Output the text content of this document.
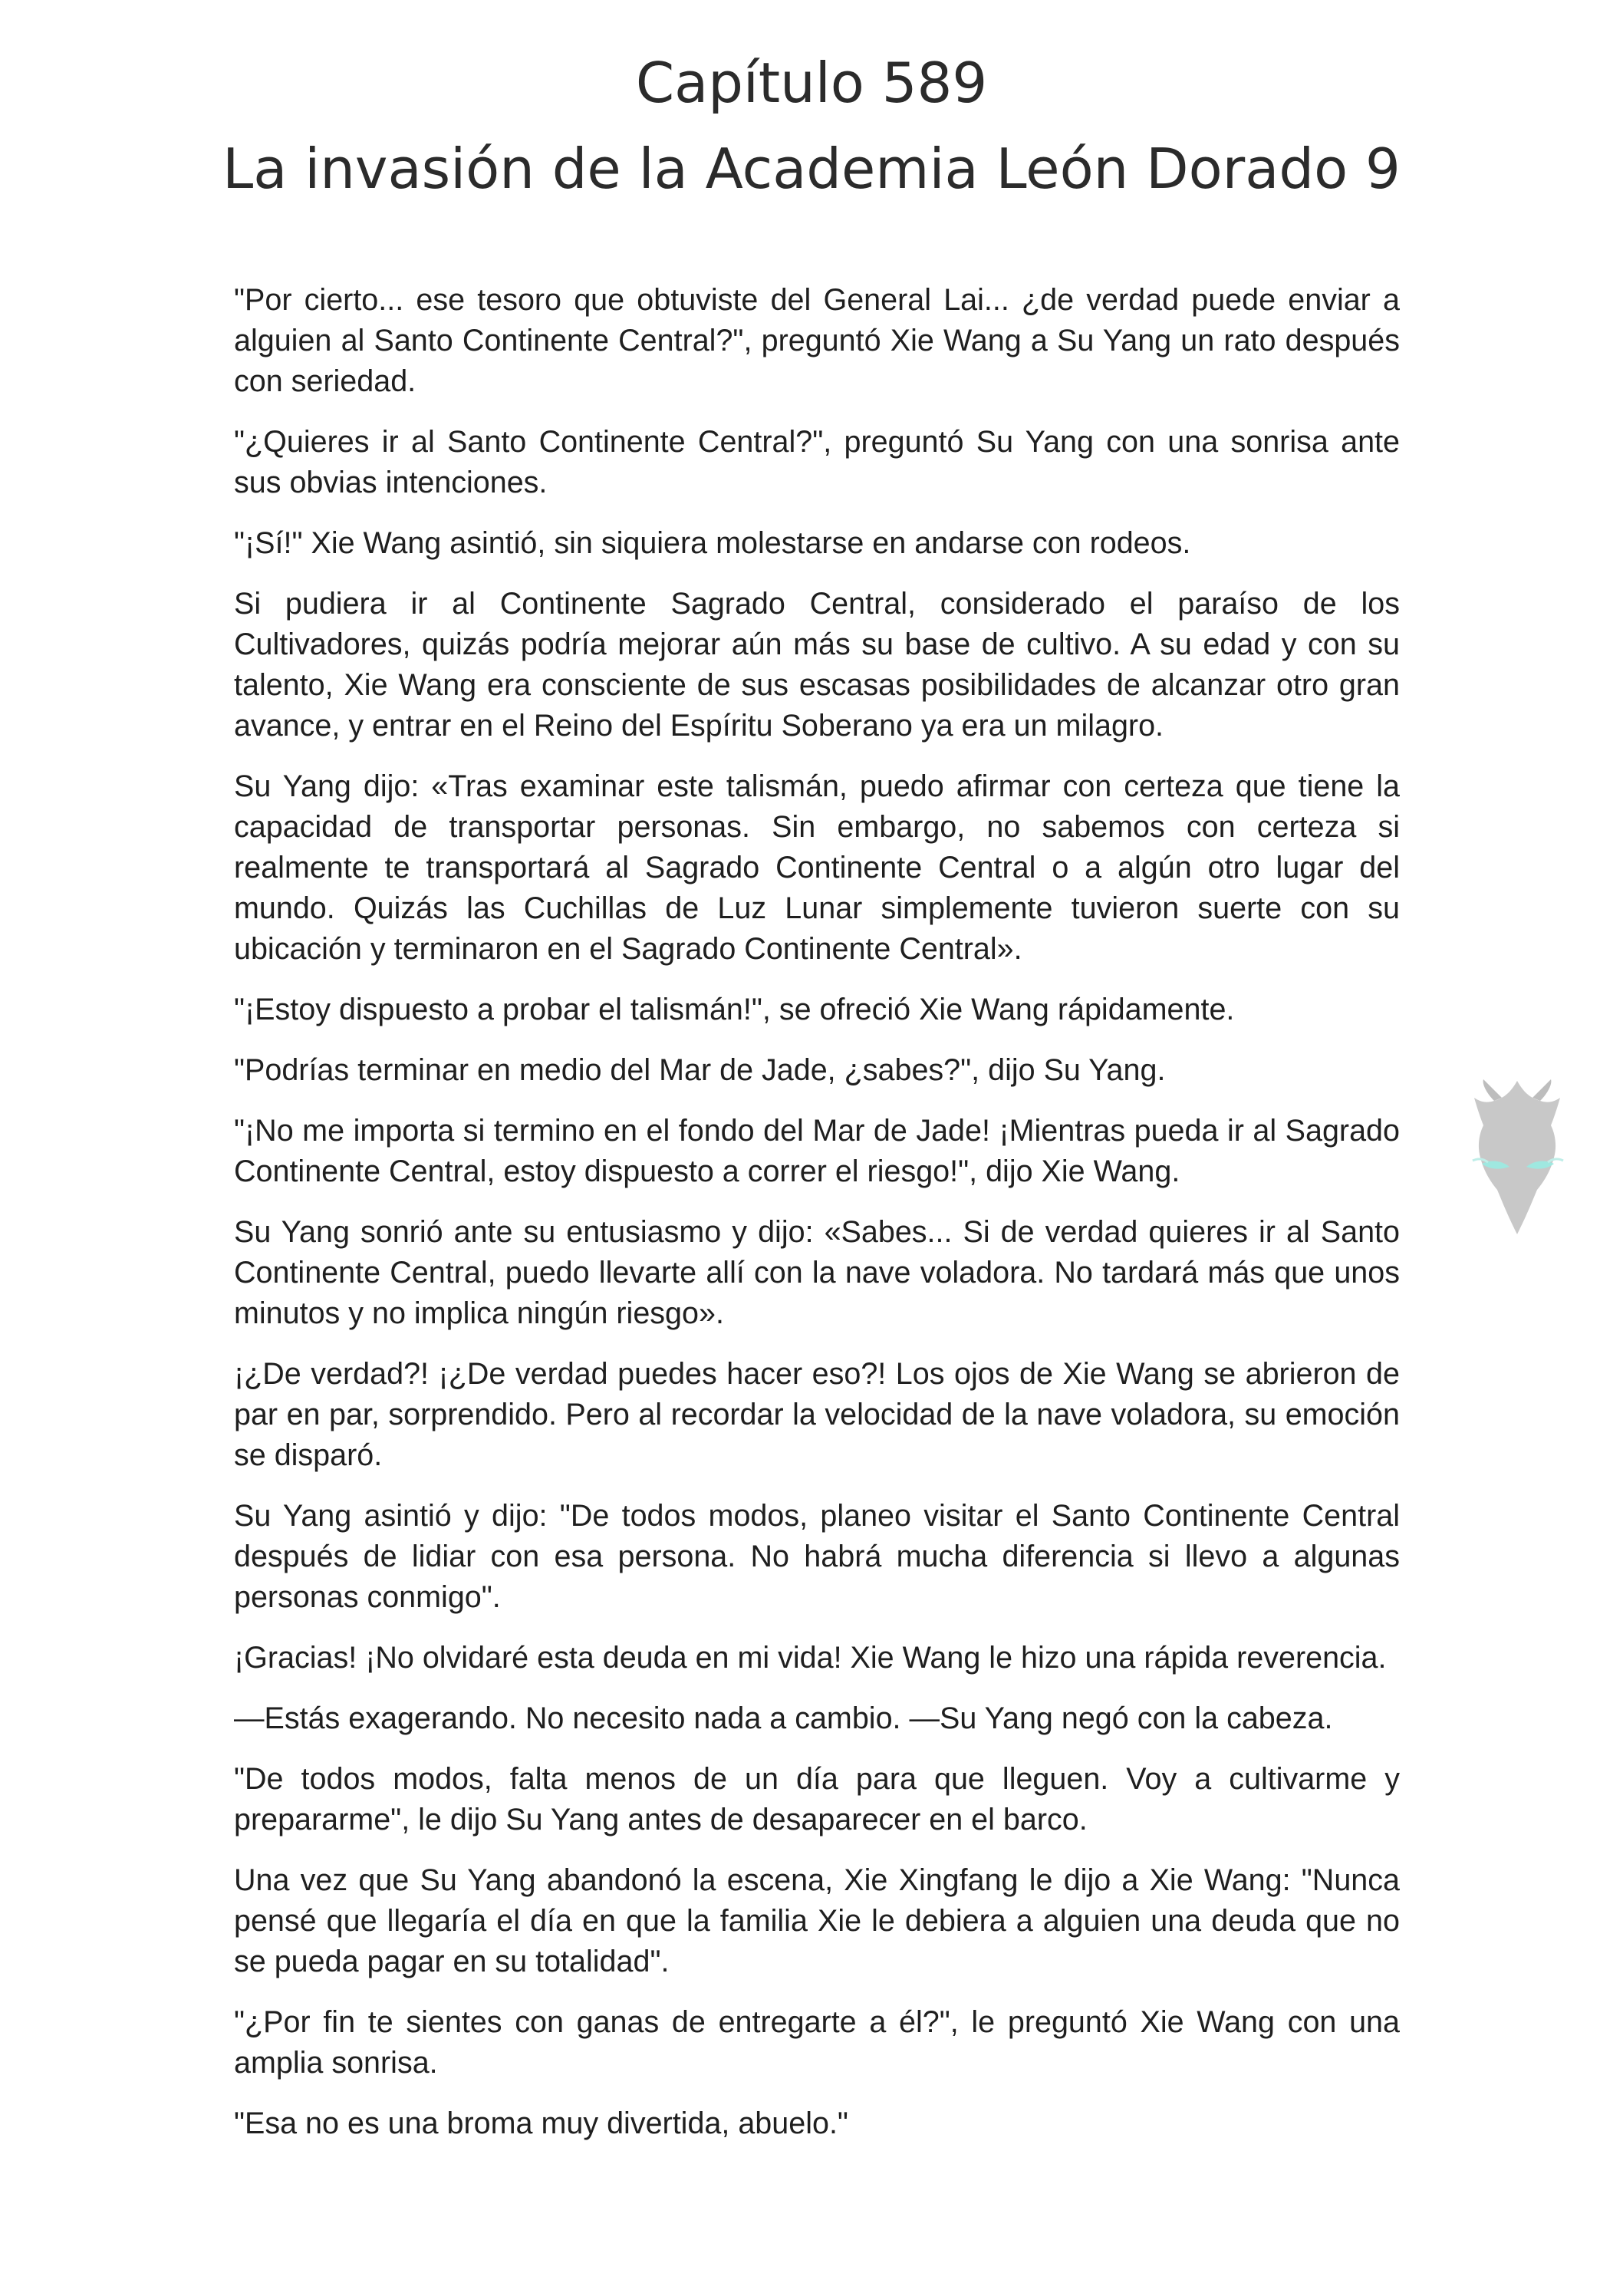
Capítulo 589
La invasión de la Academia León Dorado 9

"Por cierto... ese tesoro que obtuviste del General Lai... ¿de verdad puede enviar a alguien al Santo Continente Central?", preguntó Xie Wang a Su Yang un rato después con seriedad.

"¿Quieres ir al Santo Continente Central?", preguntó Su Yang con una sonrisa ante sus obvias intenciones.

"¡Sí!" Xie Wang asintió, sin siquiera molestarse en andarse con rodeos.

Si pudiera ir al Continente Sagrado Central, considerado el paraíso de los Cultivadores, quizás podría mejorar aún más su base de cultivo. A su edad y con su talento, Xie Wang era consciente de sus escasas posibilidades de alcanzar otro gran avance, y entrar en el Reino del Espíritu Soberano ya era un milagro.

Su Yang dijo: «Tras examinar este talismán, puedo afirmar con certeza que tiene la capacidad de transportar personas. Sin embargo, no sabemos con certeza si realmente te transportará al Sagrado Continente Central o a algún otro lugar del mundo. Quizás las Cuchillas de Luz Lunar simplemente tuvieron suerte con su ubicación y terminaron en el Sagrado Continente Central».

"¡Estoy dispuesto a probar el talismán!", se ofreció Xie Wang rápidamente.

"Podrías terminar en medio del Mar de Jade, ¿sabes?", dijo Su Yang.

"¡No me importa si termino en el fondo del Mar de Jade! ¡Mientras pueda ir al Sagrado Continente Central, estoy dispuesto a correr el riesgo!", dijo Xie Wang.

Su Yang sonrió ante su entusiasmo y dijo: «Sabes... Si de verdad quieres ir al Santo Continente Central, puedo llevarte allí con la nave voladora. No tardará más que unos minutos y no implica ningún riesgo».

¡¿De verdad?! ¡¿De verdad puedes hacer eso?! Los ojos de Xie Wang se abrieron de par en par, sorprendido. Pero al recordar la velocidad de la nave voladora, su emoción se disparó.

Su Yang asintió y dijo: "De todos modos, planeo visitar el Santo Continente Central después de lidiar con esa persona. No habrá mucha diferencia si llevo a algunas personas conmigo".

¡Gracias! ¡No olvidaré esta deuda en mi vida! Xie Wang le hizo una rápida reverencia.

—Estás exagerando. No necesito nada a cambio. —Su Yang negó con la cabeza.

"De todos modos, falta menos de un día para que lleguen. Voy a cultivarme y prepararme", le dijo Su Yang antes de desaparecer en el barco.

Una vez que Su Yang abandonó la escena, Xie Xingfang le dijo a Xie Wang: "Nunca pensé que llegaría el día en que la familia Xie le debiera a alguien una deuda que no se pueda pagar en su totalidad".

"¿Por fin te sientes con ganas de entregarte a él?", le preguntó Xie Wang con una amplia sonrisa.

"Esa no es una broma muy divertida, abuelo."
